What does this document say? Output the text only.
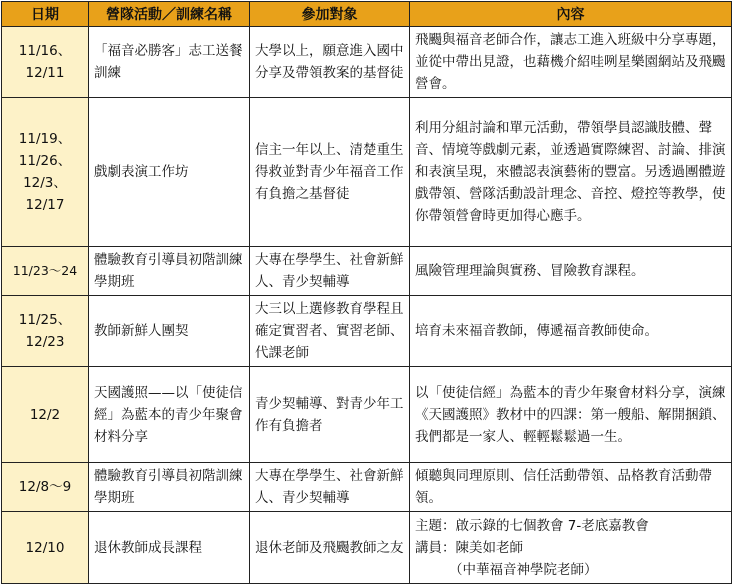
日期	營隊活動／訓練名稱	參加對象	內容

11/16、
12/11	「福音必勝客」志工送餐訓練	大學以上，願意進入國中分享及帶領教案的基督徒	飛颺與福音老師合作，讓志工進入班級中分享專題，並從中帶出見證，也藉機介紹哇咧星樂園網站及飛颺營會。

11/19、
11/26、
12/3、
12/17	戲劇表演工作坊	信主一年以上、清楚重生得救並對青少年福音工作有負擔之基督徒	利用分組討論和單元活動，帶領學員認識肢體、聲音、情境等戲劇元素，並透過實際練習、討論、排演和表演呈現，來體認表演藝術的豐富。另透過團體遊戲帶領、營隊活動設計理念、音控、燈控等教學，使你帶領營會時更加得心應手。

11/23～24	體驗教育引導員初階訓練學期班	大專在學學生、社會新鮮人、青少契輔導	風險管理理論與實務、冒險教育課程。

11/25、
12/23	教師新鮮人團契	大三以上選修教育學程且確定實習者、實習老師、代課老師	培育未來福音教師，傳遞福音教師使命。

12/2	天國護照——以「使徒信經」為藍本的青少年聚會材料分享	青少契輔導、對青少年工作有負擔者	以「使徒信經」為藍本的青少年聚會材料分享，演練《天國護照》教材中的四課：第一艘船、解開捆鎖、我們都是一家人、輕輕鬆鬆過一生。

12/8～9	體驗教育引導員初階訓練學期班	大專在學學生、社會新鮮人、青少契輔導	傾聽與同理原則、信任活動帶領、品格教育活動帶領。

12/10	退休教師成長課程	退休老師及飛颺教師之友	主題：啟示錄的七個教會 7-老底嘉教會
講員：陳美如老師
（中華福音神學院老師）
